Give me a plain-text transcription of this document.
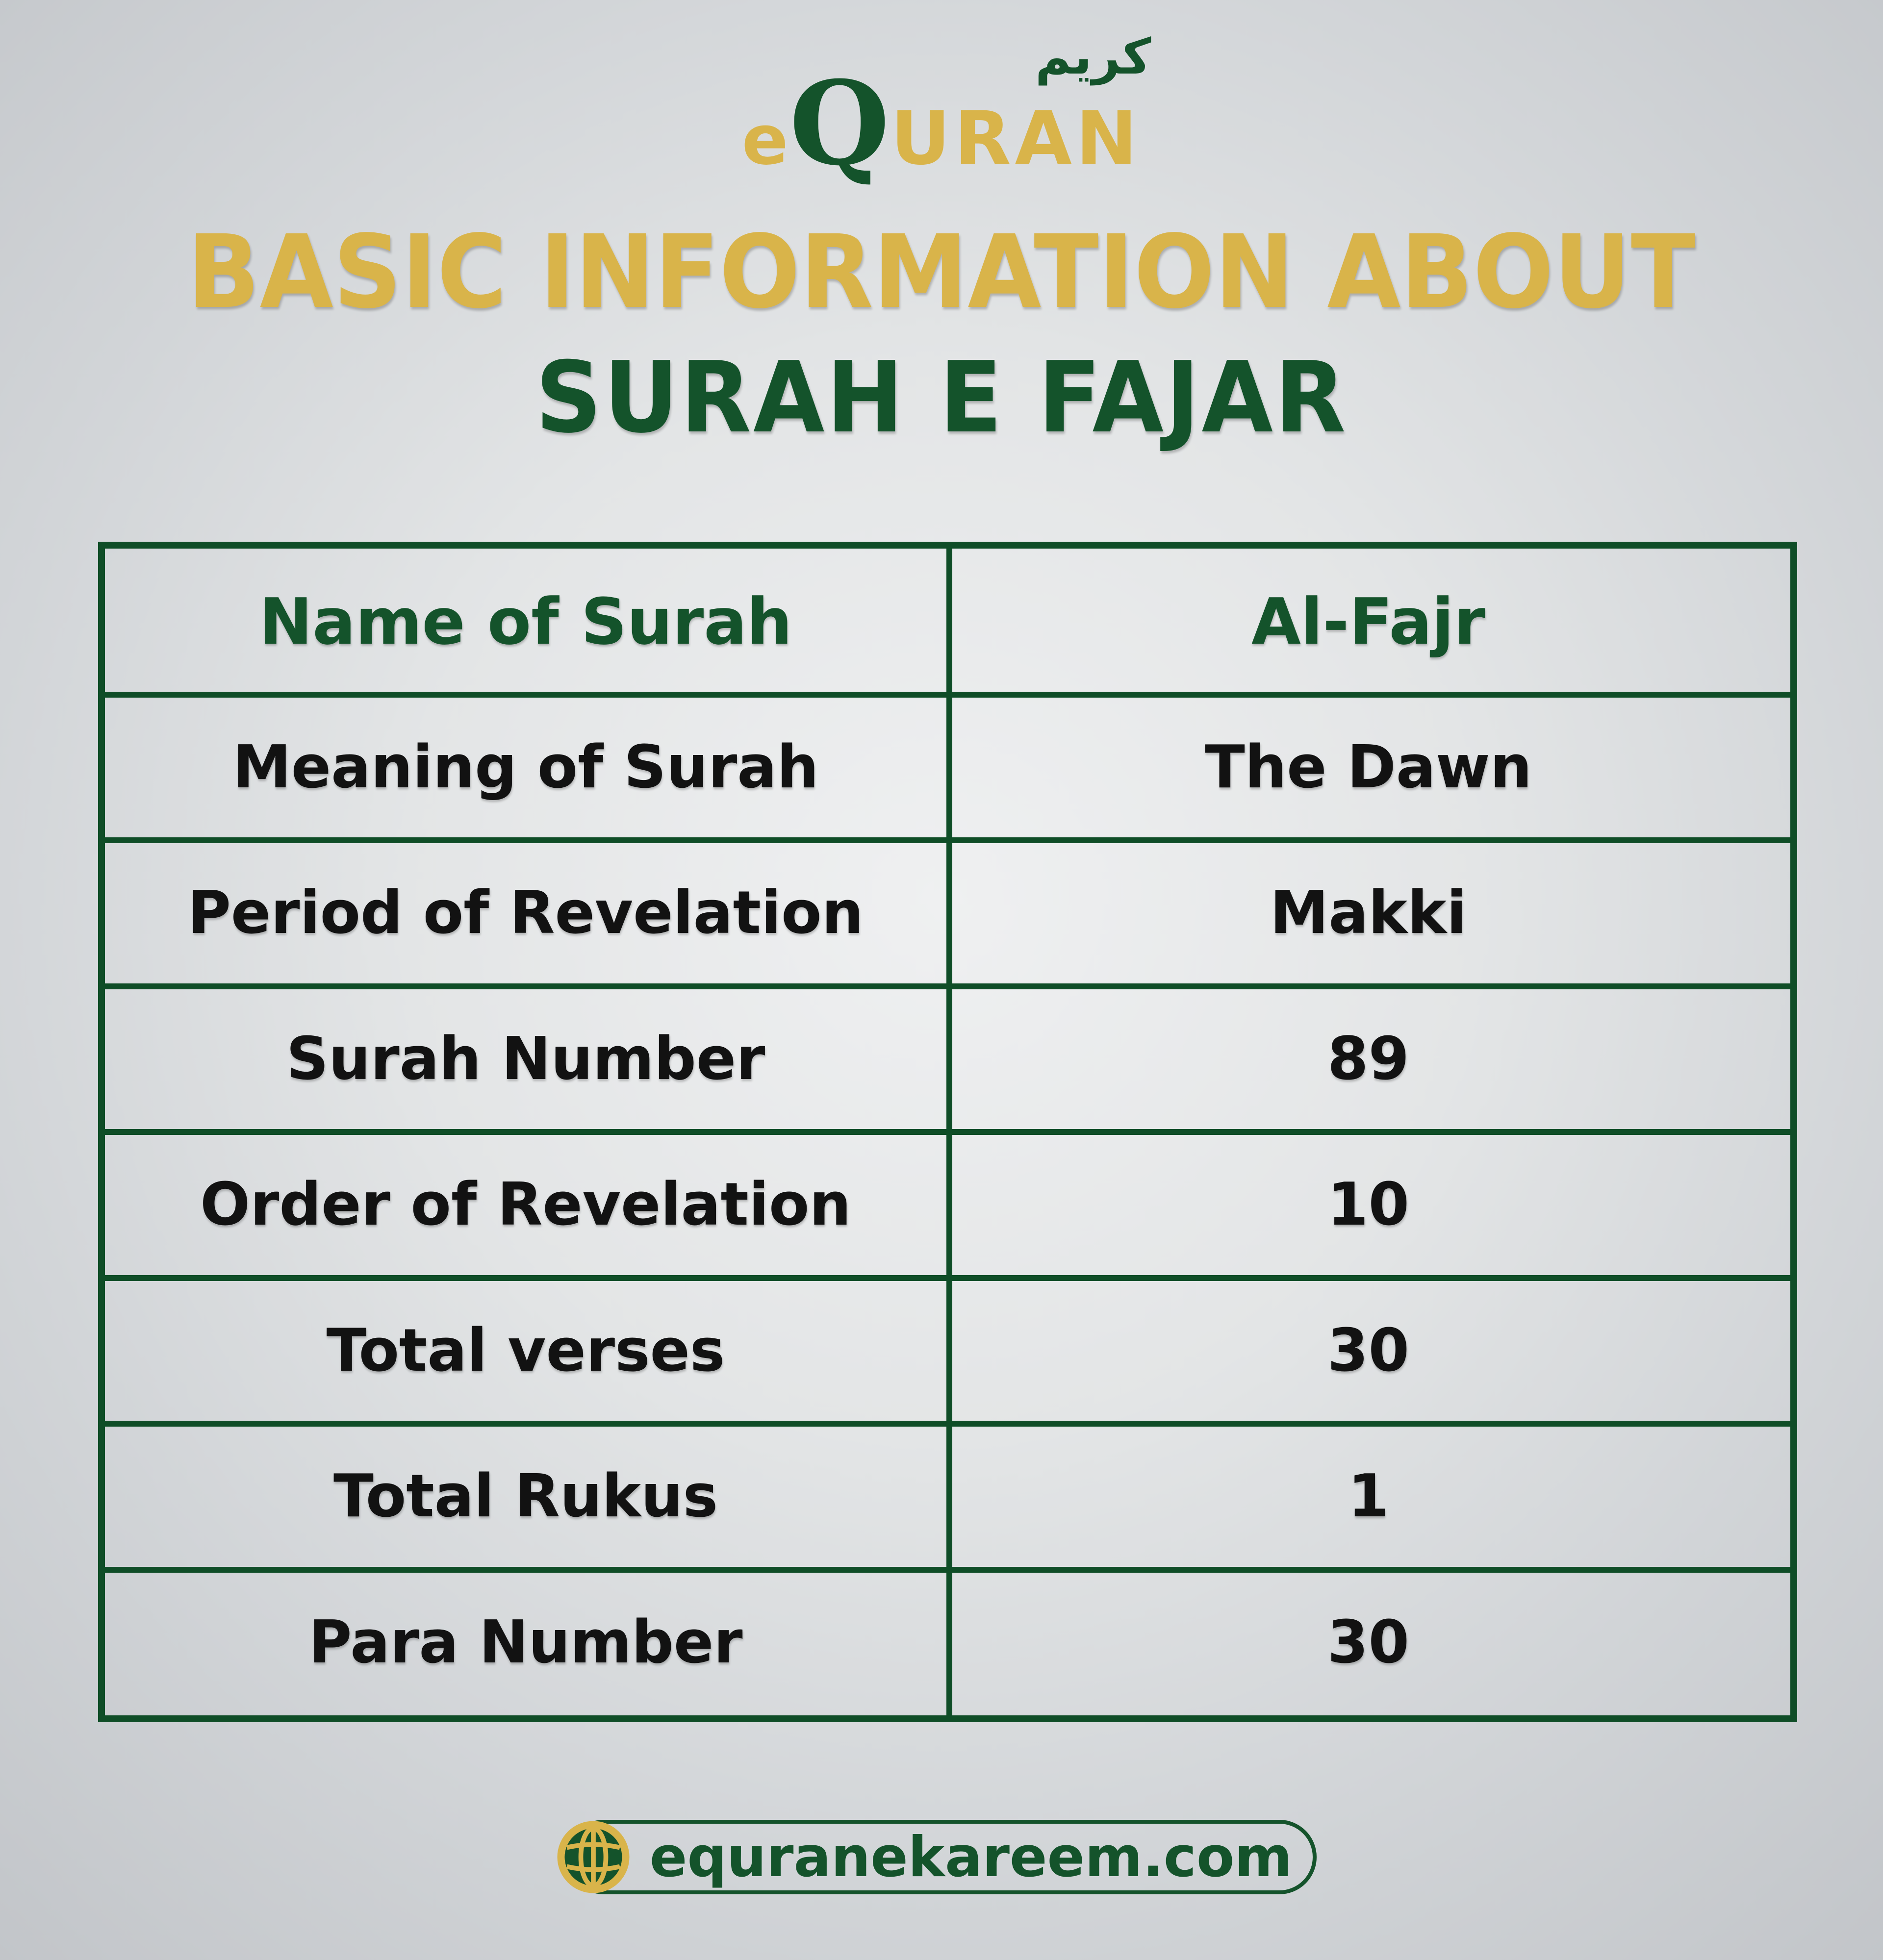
كريم
e Q URAN
BASIC INFORMATION ABOUT
SURAH E FAJAR
Name of Surah	Al-Fajr
Meaning of Surah	The Dawn
Period of Revelation	Makki
Surah Number	89
Order of Revelation	10
Total verses	30
Total Rukus	1
Para Number	30
equranekareem.com
